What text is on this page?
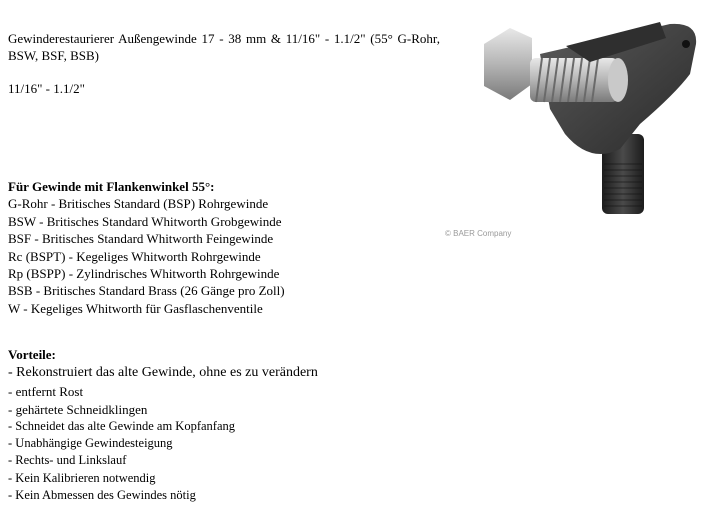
Gewinderestaurierer Außengewinde 17 - 38 mm & 11/16" - 1.1/2" (55° G-Rohr, BSW, BSF, BSB)
11/16" - 1.1/2"
Für Gewinde mit Flankenwinkel 55°:
G-Rohr - Britisches Standard (BSP) Rohrgewinde
BSW - Britisches Standard Whitworth Grobgewinde
BSF - Britisches Standard Whitworth Feingewinde
Rc (BSPT) - Kegeliges Whitworth Rohrgewinde
Rp (BSPP) - Zylindrisches Whitworth Rohrgewinde
BSB - Britisches Standard Brass (26 Gänge pro Zoll)
W - Kegeliges Whitworth für Gasflaschenventile
Vorteile:
- Rekonstruiert das alte Gewinde, ohne es zu verändern
- entfernt Rost
- gehärtete Schneidklingen
- Schneidet das alte Gewinde am Kopfanfang
- Unabhängige Gewindesteigung
- Rechts- und Linkslauf
- Kein Kalibrieren notwendig
- Kein Abmessen des Gewindes nötig
© BAER Company
